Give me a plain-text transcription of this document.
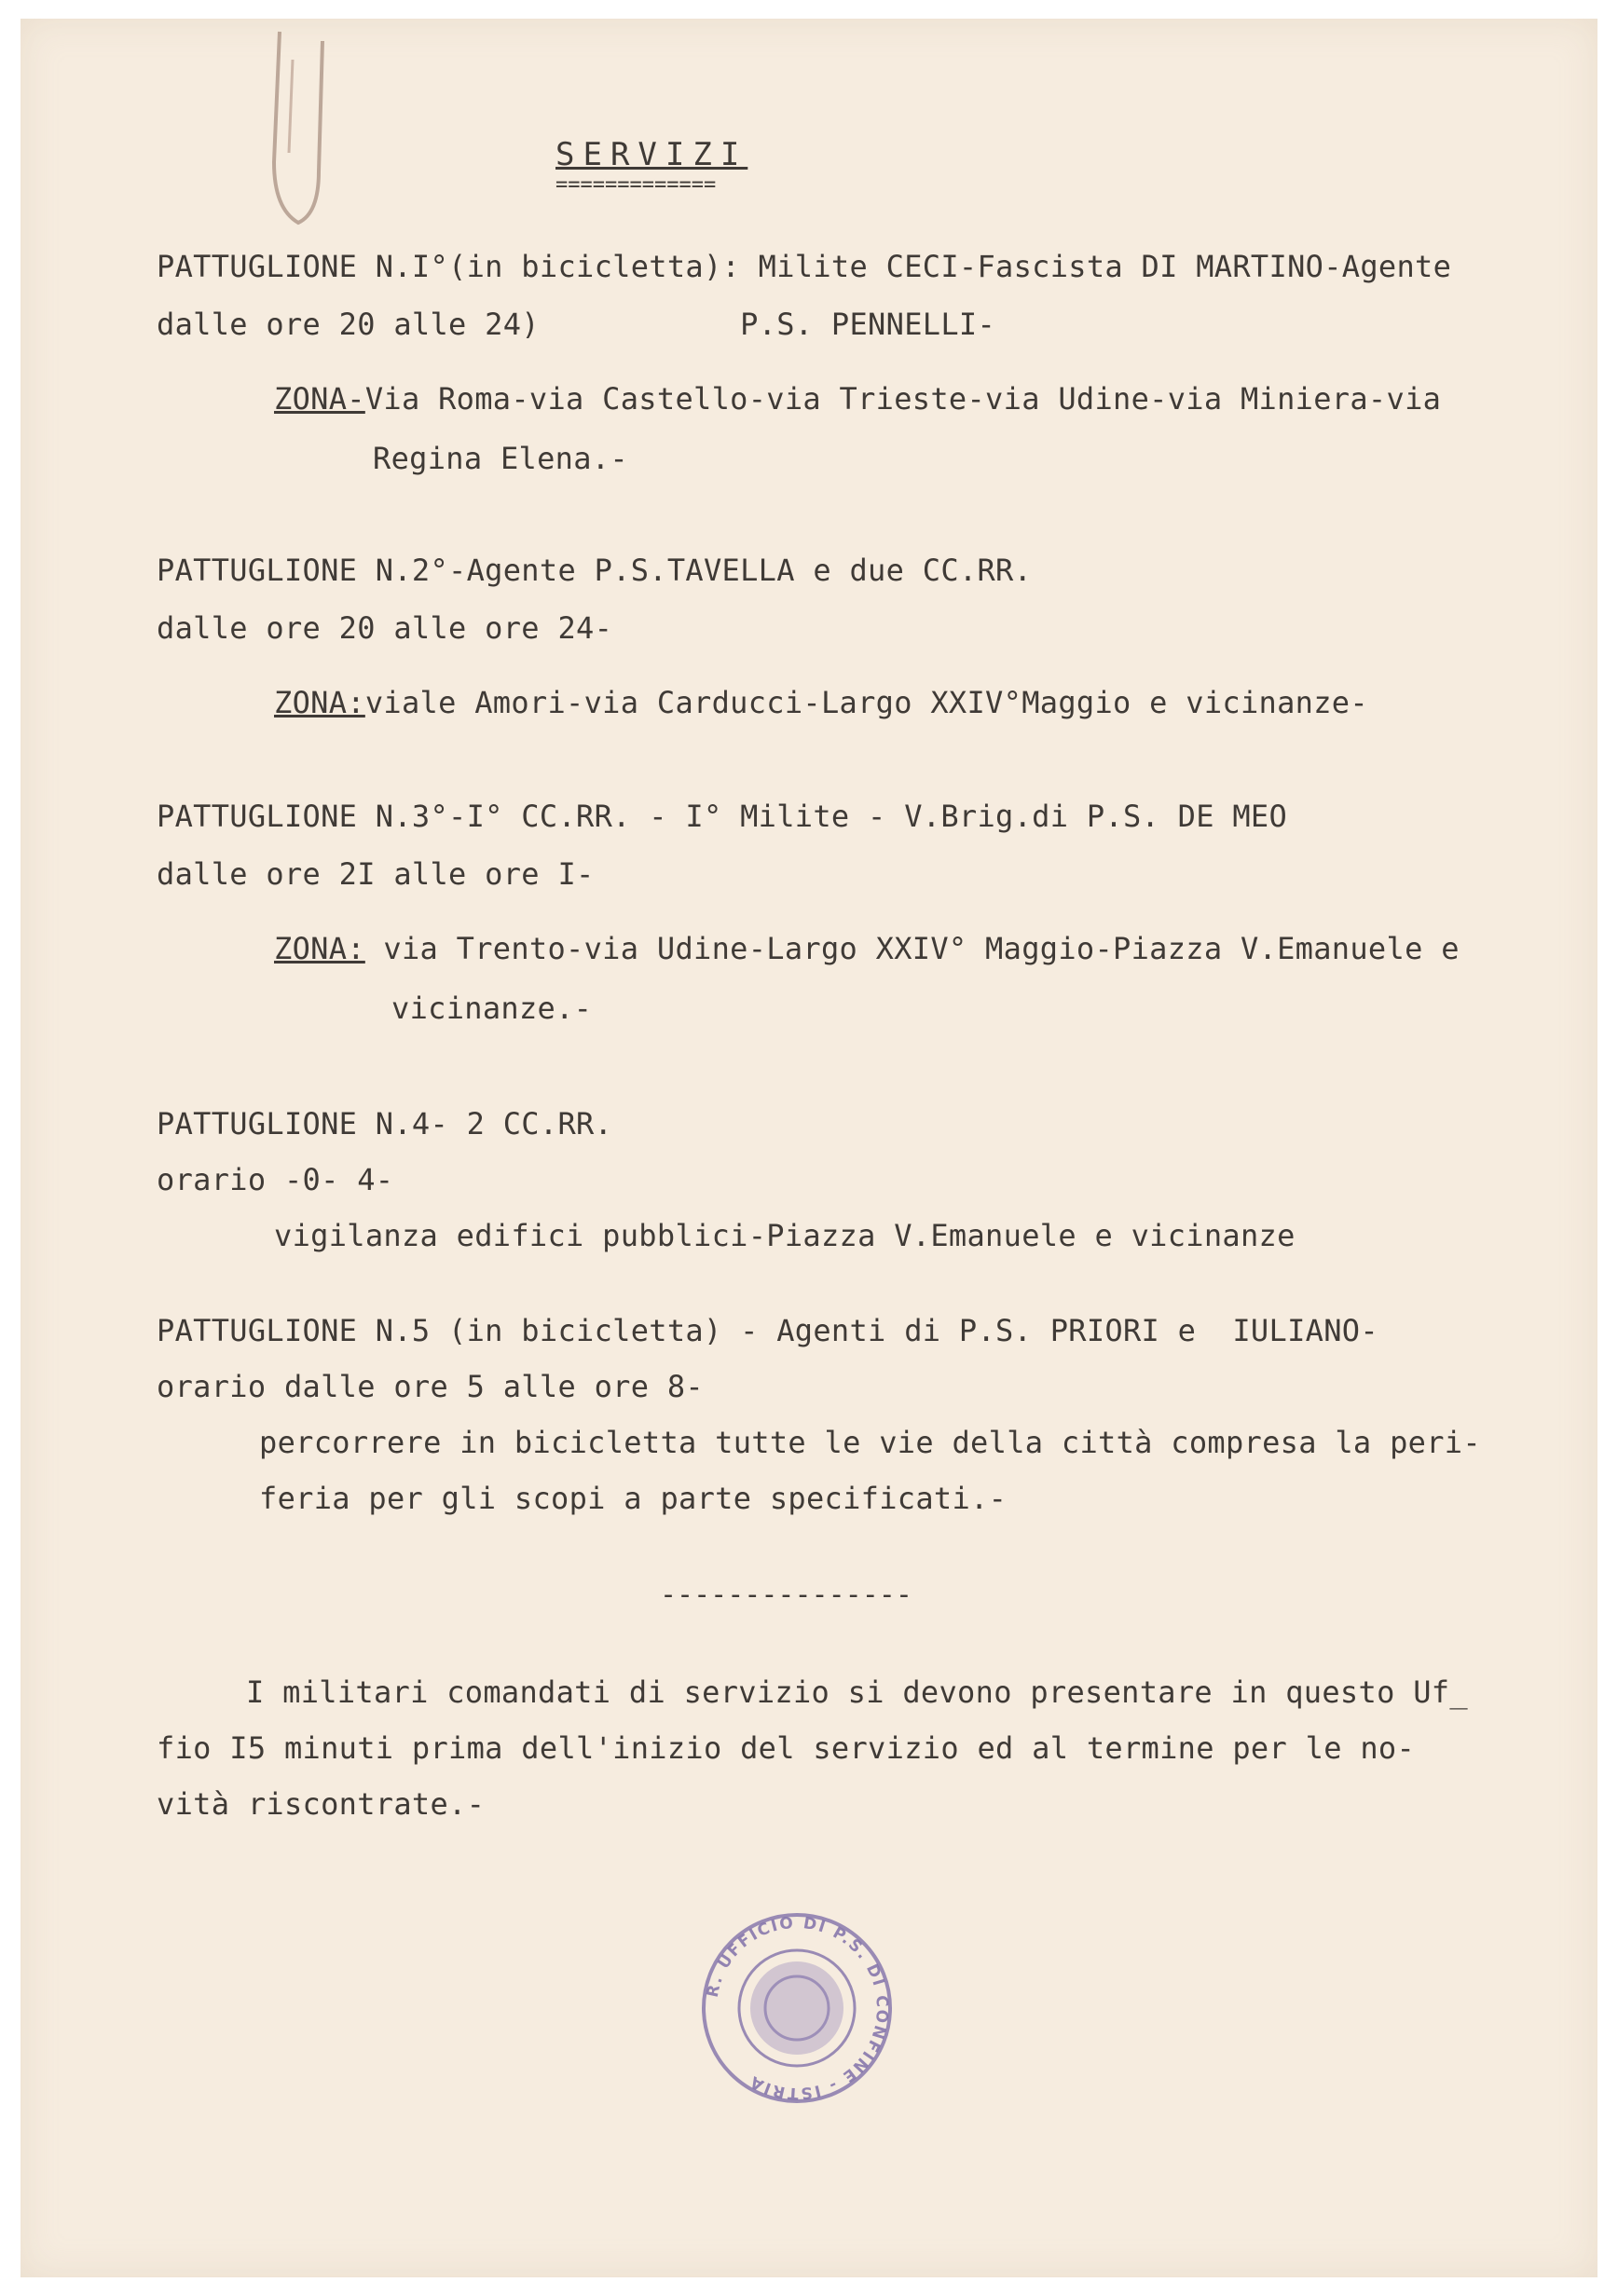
SERVIZI
=============
PATTUGLIONE N.I°(in bicicletta): Milite CECI-Fascista DI MARTINO-Agente
dalle ore 20 alle 24)           P.S. PENNELLI-
ZONA-Via Roma-via Castello-via Trieste-via Udine-via Miniera-via
Regina Elena.-
PATTUGLIONE N.2°-Agente P.S.TAVELLA e due CC.RR.
dalle ore 20 alle ore 24-
ZONA:viale Amori-via Carducci-Largo XXIV°Maggio e vicinanze-
PATTUGLIONE N.3°-I° CC.RR. - I° Milite - V.Brig.di P.S. DE MEO
dalle ore 2I alle ore I-
ZONA: via Trento-via Udine-Largo XXIV° Maggio-Piazza V.Emanuele e
vicinanze.-
PATTUGLIONE N.4- 2 CC.RR.
orario -0- 4-
vigilanza edifici pubblici-Piazza V.Emanuele e vicinanze
PATTUGLIONE N.5 (in bicicletta) - Agenti di P.S. PRIORI e  IULIANO-
orario dalle ore 5 alle ore 8-
percorrere in bicicletta tutte le vie della città compresa la peri-
feria per gli scopi a parte specificati.-
---------------
I militari comandati di servizio si devono presentare in questo Uf_
fio I5 minuti prima dell'inizio del servizio ed al termine per le no-
vità riscontrate.-
R. UFFICIO DI P.S. DI CONFINE - ISTRIA
